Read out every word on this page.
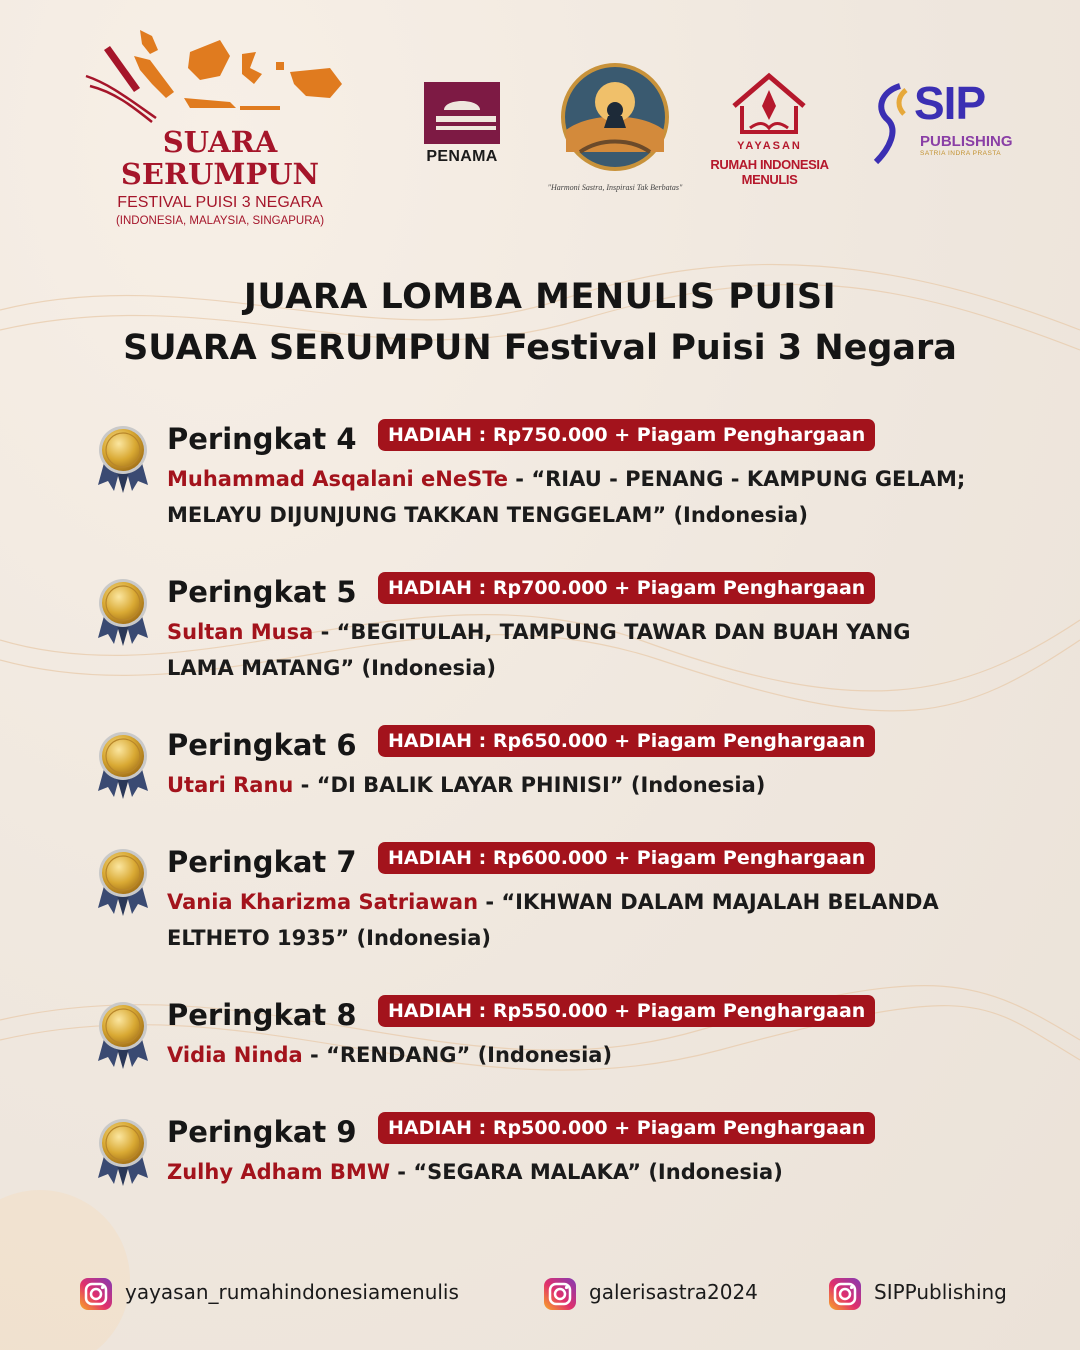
SUARA
SERUMPUN
FESTIVAL PUISI 3 NEGARA
(INDONESIA, MALAYSIA, SINGAPURA)
PENAMA
"Harmoni Sastra, Inspirasi Tak Berbatas"
YAYASAN
RUMAH INDONESIA MENULIS
SIP
PUBLISHING
SATRIA INDRA PRASTA
JUARA LOMBA MENULIS PUISI
SUARA SERUMPUN Festival Puisi 3 Negara
Peringkat 4	HADIAH : Rp750.000 + Piagam Penghargaan
Muhammad Asqalani eNeSTe - “RIAU - PENANG - KAMPUNG GELAM;
MELAYU DIJUNJUNG TAKKAN TENGGELAM” (Indonesia)
Peringkat 5	HADIAH : Rp700.000 + Piagam Penghargaan
Sultan Musa - “BEGITULAH, TAMPUNG TAWAR DAN BUAH YANG
LAMA MATANG” (Indonesia)
Peringkat 6	HADIAH : Rp650.000 + Piagam Penghargaan
Utari Ranu - “DI BALIK LAYAR PHINISI” (Indonesia)
Peringkat 7	HADIAH : Rp600.000 + Piagam Penghargaan
Vania Kharizma Satriawan - “IKHWAN DALAM MAJALAH BELANDA
ELTHETO 1935” (Indonesia)
Peringkat 8	HADIAH : Rp550.000 + Piagam Penghargaan
Vidia Ninda - “RENDANG” (Indonesia)
Peringkat 9	HADIAH : Rp500.000 + Piagam Penghargaan
Zulhy Adham BMW - “SEGARA MALAKA” (Indonesia)
yayasan_rumahindonesiamenulis	galerisastra2024	SIPPublishing
